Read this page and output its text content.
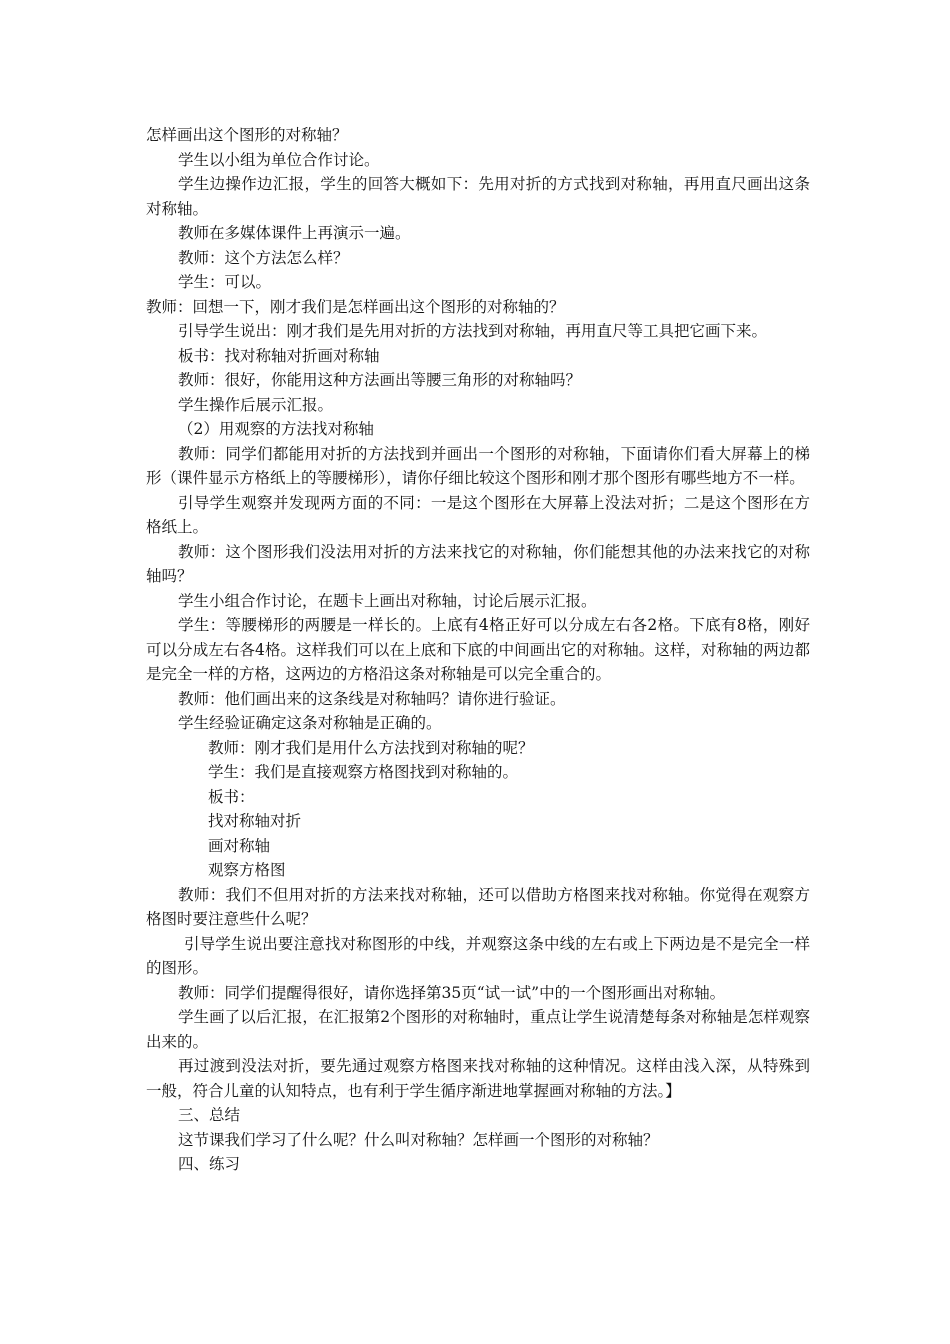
怎样画出这个图形的对称轴？

学生以小组为单位合作讨论。

学生边操作边汇报，学生的回答大概如下：先用对折的方式找到对称轴，再用直尺画出这条对称轴。

教师在多媒体课件上再演示一遍。

教师：这个方法怎么样？

学生：可以。

教师：回想一下，刚才我们是怎样画出这个图形的对称轴的？

引导学生说出：刚才我们是先用对折的方法找到对称轴，再用直尺等工具把它画下来。

板书：找对称轴对折画对称轴

教师：很好，你能用这种方法画出等腰三角形的对称轴吗？

学生操作后展示汇报。

（2）用观察的方法找对称轴

教师：同学们都能用对折的方法找到并画出一个图形的对称轴，下面请你们看大屏幕上的梯形（课件显示方格纸上的等腰梯形），请你仔细比较这个图形和刚才那个图形有哪些地方不一样。

引导学生观察并发现两方面的不同：一是这个图形在大屏幕上没法对折；二是这个图形在方格纸上。

教师：这个图形我们没法用对折的方法来找它的对称轴，你们能想其他的办法来找它的对称轴吗？

学生小组合作讨论，在题卡上画出对称轴，讨论后展示汇报。

学生：等腰梯形的两腰是一样长的。上底有4格正好可以分成左右各2格。下底有8格，刚好可以分成左右各4格。这样我们可以在上底和下底的中间画出它的对称轴。这样，对称轴的两边都是完全一样的方格，这两边的方格沿这条对称轴是可以完全重合的。

教师：他们画出来的这条线是对称轴吗？请你进行验证。

学生经验证确定这条对称轴是正确的。

教师：刚才我们是用什么方法找到对称轴的呢？

学生：我们是直接观察方格图找到对称轴的。

板书：

找对称轴对折

画对称轴

观察方格图

教师：我们不但用对折的方法来找对称轴，还可以借助方格图来找对称轴。你觉得在观察方格图时要注意些什么呢？

引导学生说出要注意找对称图形的中线，并观察这条中线的左右或上下两边是不是完全一样的图形。

教师：同学们提醒得很好，请你选择第35页“试一试”中的一个图形画出对称轴。

学生画了以后汇报，在汇报第2个图形的对称轴时，重点让学生说清楚每条对称轴是怎样观察出来的。

再过渡到没法对折，要先通过观察方格图来找对称轴的这种情况。这样由浅入深，从特殊到一般，符合儿童的认知特点，也有利于学生循序渐进地掌握画对称轴的方法。】

三、总结

这节课我们学习了什么呢？什么叫对称轴？怎样画一个图形的对称轴？

四、练习
